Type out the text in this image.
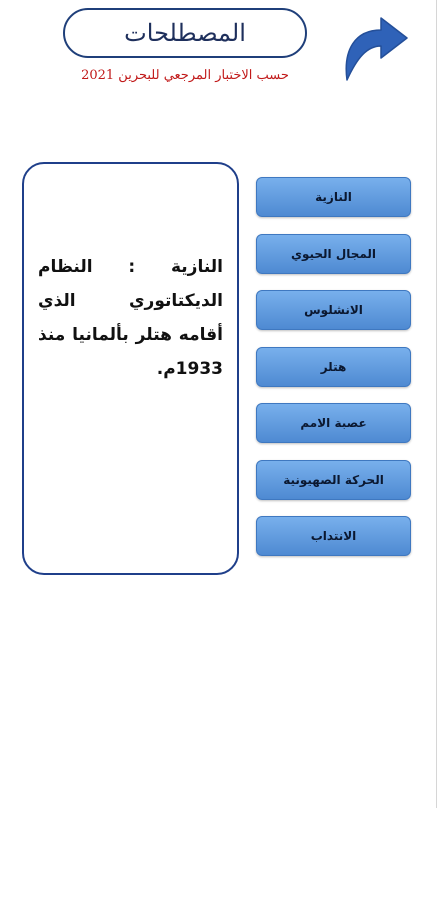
المصطلحات
حسب الاختبار المرجعي للبحرين 2021
النازية : النظام الديكتاتوري الذي أقامه هتلر بألمانيا منذ 1933م.
النازية
المجال الحيوي
الانشلوس
هتلر
عصبة الامم
الحركة الصهيونية
الانتداب
